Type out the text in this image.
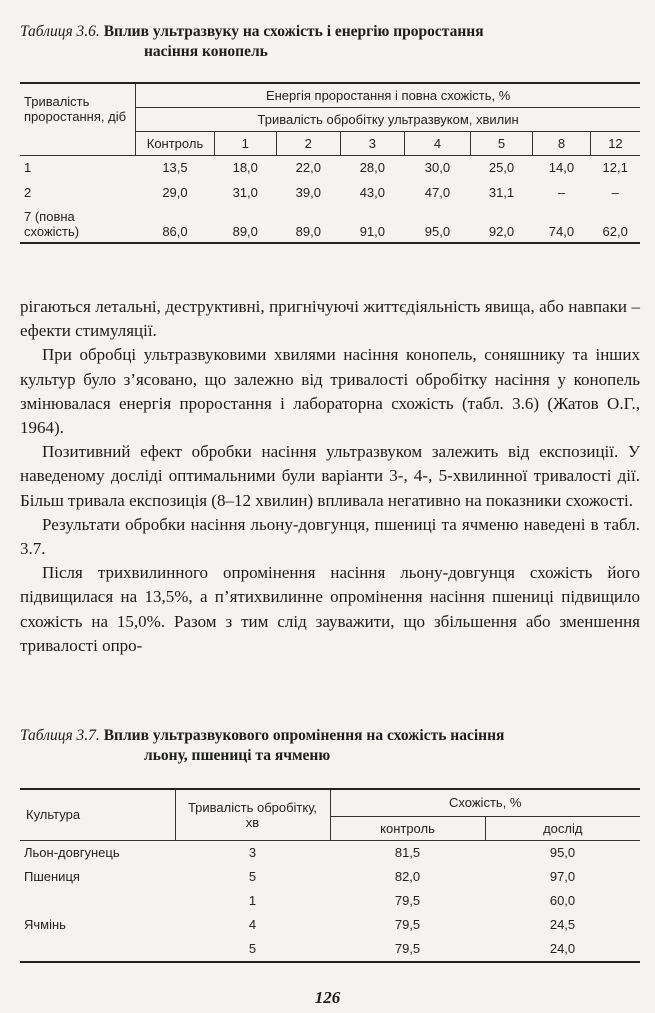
Таблиця 3.6. Вплив ультразвуку на схожість і енергію проростання
насіння конопель
Тривалість проростання, діб	Енергія проростання і повна схожість, %							
	Тривалість обробітку ультразвуком, хвилин							
	Контроль	1	2	3	4	5	8	12
1	13,5	18,0	22,0	28,0	30,0	25,0	14,0	12,1
2	29,0	31,0	39,0	43,0	47,0	31,1	–	–
7 (повна схожість)	86,0	89,0	89,0	91,0	95,0	92,0	74,0	62,0

рігаються летальні, деструктивні, пригнічуючі життєдіяльність явища, або навпаки – ефекти стимуляції.

При обробці ультразвуковими хвилями насіння конопель, соняшнику та інших культур було з’ясовано, що залежно від тривалості обробітку насіння у конопель змінювалася енергія проростання і лабораторна схожість (табл. 3.6) (Жатов О.Г., 1964).

Позитивний ефект обробки насіння ультразвуком залежить від експозиції. У наведеному досліді оптимальними були варіанти 3-, 4-, 5-хвилинної тривалості дії. Більш тривала експозиція (8–12 хвилин) впливала негативно на показники схожості.

Результати обробки насіння льону-довгунця, пшениці та ячменю наведені в табл. 3.7.

Після трихвилинного опромінення насіння льону-довгунця схожість його підвищилася на 13,5%, а п’ятихвилинне опромінення насіння пшениці підвищило схожість на 15,0%. Разом з тим слід зауважити, що збільшення або зменшення тривалості опро-

Таблиця 3.7. Вплив ультразвукового опромінення на схожість насіння
льону, пшениці та ячменю
Культура	Тривалість обробітку, хв	Схожість, %	
		контроль	дослід
Льон-довгунець	3	81,5	95,0
Пшениця	5	82,0	97,0
	1	79,5	60,0
Ячмінь	4	79,5	24,5
	5	79,5	24,0
126
